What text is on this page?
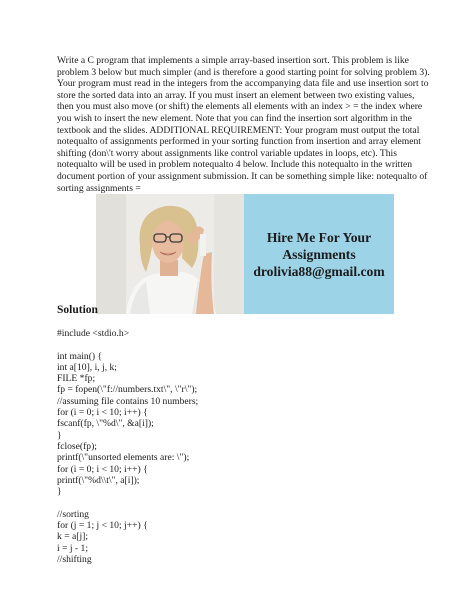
Write a C program that implements a simple array-based insertion sort. This problem is like
problem 3 below but much simpler (and is therefore a good starting point for solving problem 3).
Your program must read in the integers from the accompanying data file and use insertion sort to
store the sorted data into an array. If you must insert an element between two existing values,
then you must also move (or shift) the elements all elements with an index > = the index where
you wish to insert the new element. Note that you can find the insertion sort algorithm in the
textbook and the slides. ADDITIONAL REQUIREMENT: Your program must output the total
notequalto of assignments performed in your sorting function from insertion and array element
shifting (don\'t worry about assignments like control variable updates in loops, etc). This
notequalto will be used in problem notequalto 4 below. Include this notequalto in the written
document portion of your assignment submission. It can be something simple like: notequalto of
sorting assignments =
Hire Me For Your
Assignments
drolivia88@gmail.com
Solution
#include <stdio.h>
int main() {
int a[10], i, j, k;
FILE *fp;
fp = fopen(\"f://numbers.txt\", \"r\");
//assuming file contains 10 numbers;
for (i = 0; i < 10; i++) {
fscanf(fp, \"%d\", &a[i]);
}
fclose(fp);
printf(\"unsorted elements are: \");
for (i = 0; i < 10; i++) {
printf(\"%d\\t\", a[i]);
}
//sorting
for (j = 1; j < 10; j++) {
k = a[j];
i = j - 1;
//shifting
